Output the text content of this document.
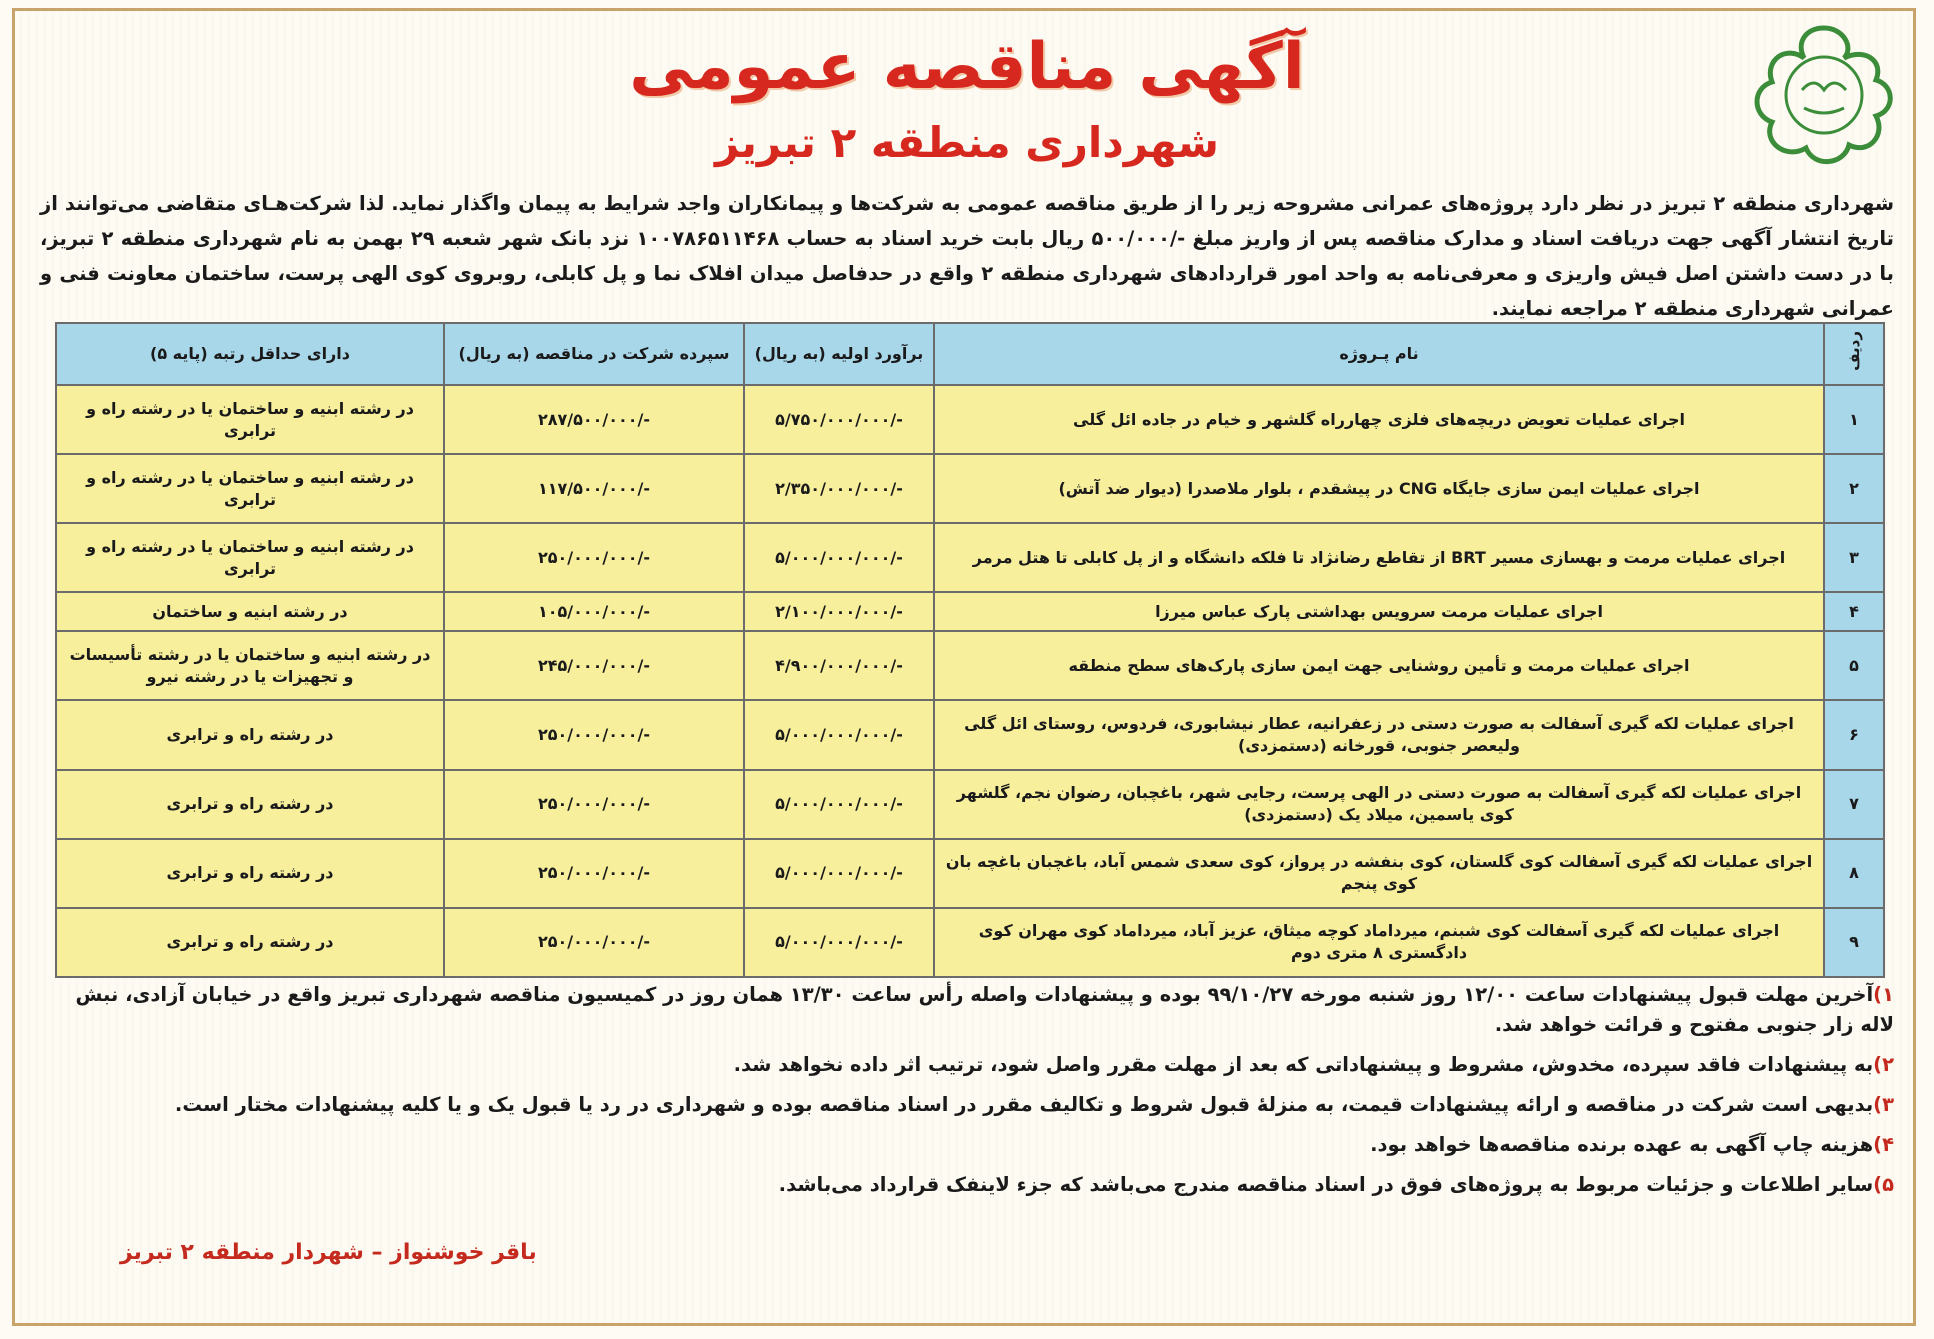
آگهی مناقصه عمومی
شهرداری منطقه ۲ تبریز
شهرداری منطقه ۲ تبریز در نظر دارد پروژه‌های عمرانی مشروحه زیر را از طریق مناقصه عمومی به شرکت‌ها و پیمانکاران واجد شرایط به پیمان واگذار نماید. لذا شرکت‌هـای متقاضی می‌توانند از تاریخ انتشار آگهی جهت دریافت اسناد و مدارک مناقصه پس از واریز مبلغ -/۵۰۰/۰۰۰ ریال بابت خرید اسناد به حساب ۱۰۰۷۸۶۵۱۱۴۶۸ نزد بانک شهر شعبه ۲۹ بهمن به نام شهرداری منطقه ۲ تبریز، با در دست داشتن اصل فیش واریزی و معرفی‌نامه به واحد امور قراردادهای شهرداری منطقه ۲ واقع در حدفاصل میدان افلاک نما و پل کابلی، روبروی کوی الهی پرست، ساختمان معاونت فنی و عمرانی شهرداری منطقه ۲ مراجعه نمایند.
ردیف	نام پـروژه	برآورد اولیه (به ریال)	سپرده شرکت در مناقصه (به ریال)	دارای حداقل رتبه (پایه ۵)
۱	اجرای عملیات تعویض دریچه‌های فلزی چهارراه گلشهر و خیام در جاده ائل گلی	-/۵/۷۵۰/۰۰۰/۰۰۰	-/۲۸۷/۵۰۰/۰۰۰	در رشته ابنیه و ساختمان یا در رشته راه و ترابری
۲	اجرای عملیات ایمن سازی جایگاه CNG در پیشقدم ، بلوار ملاصدرا (دیوار ضد آتش)	-/۲/۳۵۰/۰۰۰/۰۰۰	-/۱۱۷/۵۰۰/۰۰۰	در رشته ابنیه و ساختمان یا در رشته راه و ترابری
۳	اجرای عملیات مرمت و بهسازی مسیر BRT از تقاطع رضانژاد تا فلکه دانشگاه و از پل کابلی تا هتل مرمر	-/۵/۰۰۰/۰۰۰/۰۰۰	-/۲۵۰/۰۰۰/۰۰۰	در رشته ابنیه و ساختمان یا در رشته راه و ترابری
۴	اجرای عملیات مرمت سرویس بهداشتی پارک عباس میرزا	-/۲/۱۰۰/۰۰۰/۰۰۰	-/۱۰۵/۰۰۰/۰۰۰	در رشته ابنیه و ساختمان
۵	اجرای عملیات مرمت و تأمین روشنایی جهت ایمن سازی پارک‌های سطح منطقه	-/۴/۹۰۰/۰۰۰/۰۰۰	-/۲۴۵/۰۰۰/۰۰۰	در رشته ابنیه و ساختمان یا در رشته تأسیسات و تجهیزات یا در رشته نیرو
۶	اجرای عملیات لکه گیری آسفالت به صورت دستی در زعفرانیه، عطار نیشابوری، فردوس، روستای ائل گلی ولیعصر جنوبی، قورخانه (دستمزدی)	-/۵/۰۰۰/۰۰۰/۰۰۰	-/۲۵۰/۰۰۰/۰۰۰	در رشته راه و ترابری
۷	اجرای عملیات لکه گیری آسفالت به صورت دستی در الهی پرست، رجایی شهر، باغچبان، رضوان نجم، گلشهر کوی یاسمین، میلاد یک (دستمزدی)	-/۵/۰۰۰/۰۰۰/۰۰۰	-/۲۵۰/۰۰۰/۰۰۰	در رشته راه و ترابری
۸	اجرای عملیات لکه گیری آسفالت کوی گلستان، کوی بنفشه در پرواز، کوی سعدی شمس آباد، باغچبان باغچه بان کوی پنجم	-/۵/۰۰۰/۰۰۰/۰۰۰	-/۲۵۰/۰۰۰/۰۰۰	در رشته راه و ترابری
۹	اجرای عملیات لکه گیری آسفالت کوی شبنم، میرداماد کوچه میثاق، عزیز آباد، میرداماد کوی مهران کوی دادگستری ۸ متری دوم	-/۵/۰۰۰/۰۰۰/۰۰۰	-/۲۵۰/۰۰۰/۰۰۰	در رشته راه و ترابری
۱)آخرین مهلت قبول پیشنهادات ساعت ۱۲/۰۰ روز شنبه مورخه ۹۹/۱۰/۲۷ بوده و پیشنهادات واصله رأس ساعت ۱۳/۳۰ همان روز در کمیسیون مناقصه شهرداری تبریز واقع در خیابان آزادی، نبش لاله زار جنوبی مفتوح و قرائت خواهد شد.
۲)به پیشنهادات فاقد سپرده، مخدوش، مشروط و پیشنهاداتی که بعد از مهلت مقرر واصل شود، ترتیب اثر داده نخواهد شد.
۳)بدیهی است شرکت در مناقصه و ارائه پیشنهادات قیمت، به منزلهٔ قبول شروط و تکالیف مقرر در اسناد مناقصه بوده و شهرداری در رد یا قبول یک و یا کلیه پیشنهادات مختار است.
۴)هزینه چاپ آگهی به عهده برنده مناقصه‌ها خواهد بود.
۵)سایر اطلاعات و جزئیات مربوط به پروژه‌های فوق در اسناد مناقصه مندرج می‌باشد که جزء لاینفک قرارداد می‌باشد.
باقر خوشنواز – شهردار منطقه ۲ تبریز
